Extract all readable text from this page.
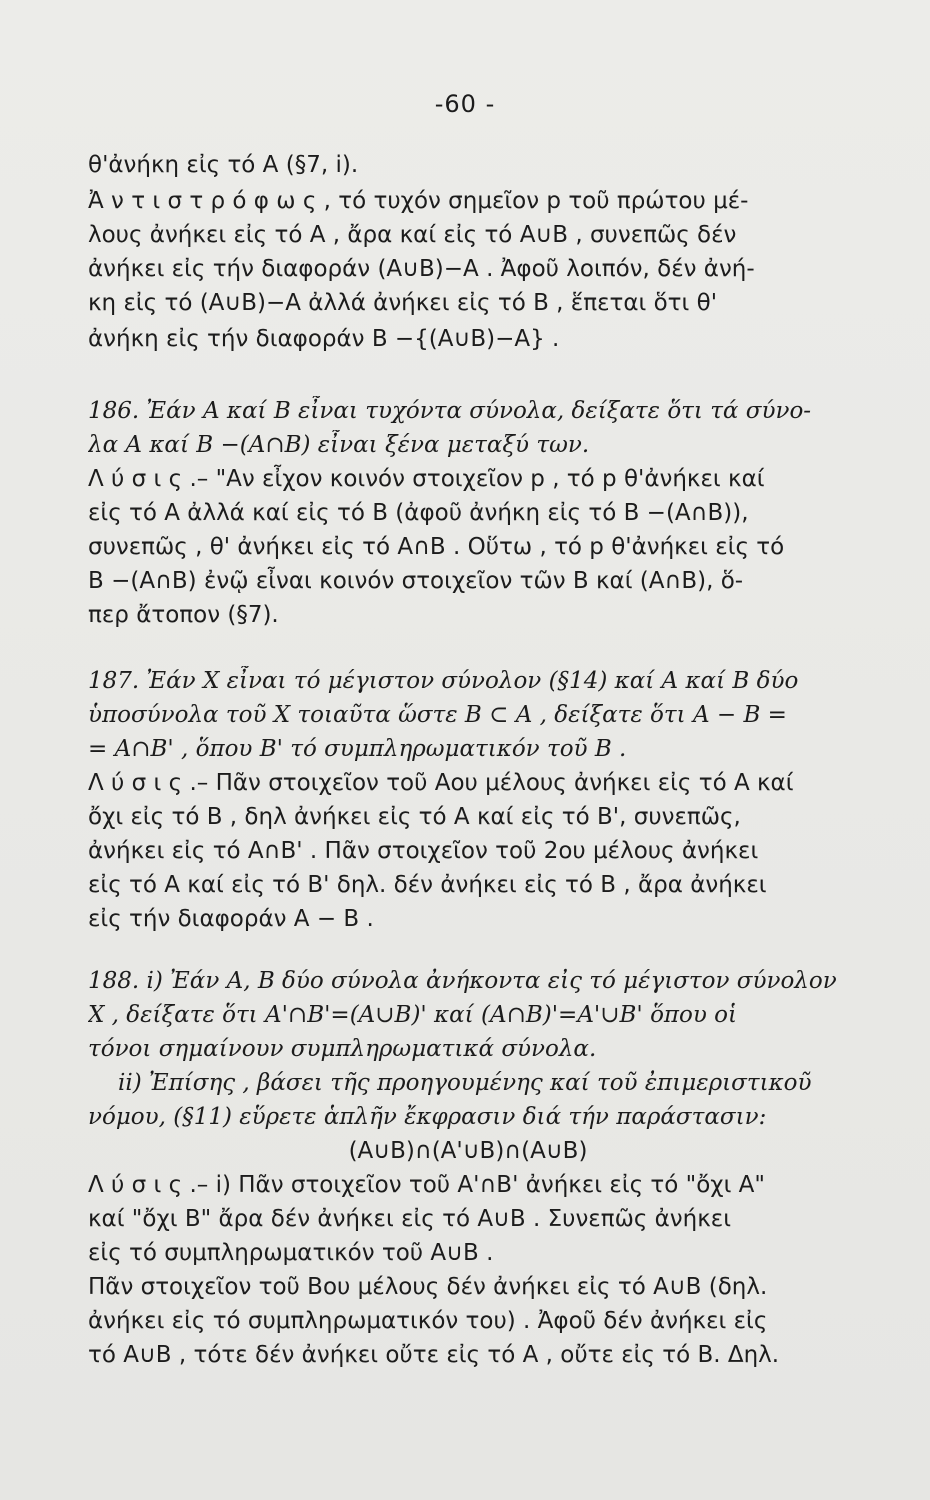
-60 -
θ'ἀνήκη εἰς τό A (§7, i).
Ἀ ν τ ι σ τ ρ ό φ ω ς , τό τυχόν σημεῖον p τοῦ πρώτου μέ-
λους ἀνήκει εἰς τό A , ἄρα καί εἰς τό A∪B , συνεπῶς δέν
ἀνήκει εἰς τήν διαφοράν (A∪B)−A . Ἀφοῦ λοιπόν, δέν ἀνή-
κη εἰς τό (A∪B)−A ἀλλά ἀνήκει εἰς τό B , ἕπεται ὅτι θ'
ἀνήκη εἰς τήν διαφοράν B −{(A∪B)−A} .
186. Ἐάν A καί B εἶναι τυχόντα σύνολα, δείξατε ὅτι τά σύνο-
λα A καί B −(A∩B) εἶναι ξένα μεταξύ των.
Λ ύ σ ι ς .– "Αν εἶχον κοινόν στοιχεῖον p , τό p θ'ἀνήκει καί
εἰς τό A ἀλλά καί εἰς τό B (ἀφοῦ ἀνήκη εἰς τό B −(A∩B)),
συνεπῶς , θ' ἀνήκει εἰς τό A∩B . Οὕτω , τό p θ'ἀνήκει εἰς τό
B −(A∩B) ἐνῷ εἶναι κοινόν στοιχεῖον τῶν B καί (A∩B), ὅ-
περ ἄτοπον (§7).
187. Ἐάν X εἶναι τό μέγιστον σύνολον (§14) καί A καί B δύο
ὑποσύνολα τοῦ X τοιαῦτα ὥστε B ⊂ A , δείξατε ὅτι A − B =
= A∩B' , ὅπου B' τό συμπληρωματικόν τοῦ B .
Λ ύ σ ι ς .– Πᾶν στοιχεῖον τοῦ Aου μέλους ἀνήκει εἰς τό A καί
ὄχι εἰς τό B , δηλ ἀνήκει εἰς τό A καί εἰς τό B', συνεπῶς,
ἀνήκει εἰς τό A∩B' . Πᾶν στοιχεῖον τοῦ 2ου μέλους ἀνήκει
εἰς τό A καί εἰς τό B' δηλ. δέν ἀνήκει εἰς τό B , ἄρα ἀνήκει
εἰς τήν διαφοράν A − B .
188. i) Ἐάν A, B δύο σύνολα ἀνήκοντα εἰς τό μέγιστον σύνολον
X , δείξατε ὅτι A'∩B'=(A∪B)' καί (A∩B)'=A'∪B' ὅπου οἱ
τόνοι σημαίνουν συμπληρωματικά σύνολα.
ii) Ἐπίσης , βάσει τῆς προηγουμένης καί τοῦ ἐπιμεριστικοῦ
νόμου, (§11) εὕρετε ἁπλῆν ἔκφρασιν διά τήν παράστασιν:
(A∪B)∩(A'∪B)∩(A∪B)
Λ ύ σ ι ς .– i) Πᾶν στοιχεῖον τοῦ A'∩B' ἀνήκει εἰς τό "ὄχι A"
καί "ὄχι B" ἄρα δέν ἀνήκει εἰς τό A∪B . Συνεπῶς ἀνήκει
εἰς τό συμπληρωματικόν τοῦ A∪B .
Πᾶν στοιχεῖον τοῦ Bου μέλους δέν ἀνήκει εἰς τό A∪B (δηλ.
ἀνήκει εἰς τό συμπληρωματικόν του) . Ἀφοῦ δέν ἀνήκει εἰς
τό A∪B , τότε δέν ἀνήκει οὔτε εἰς τό A , οὔτε εἰς τό B. Δηλ.
